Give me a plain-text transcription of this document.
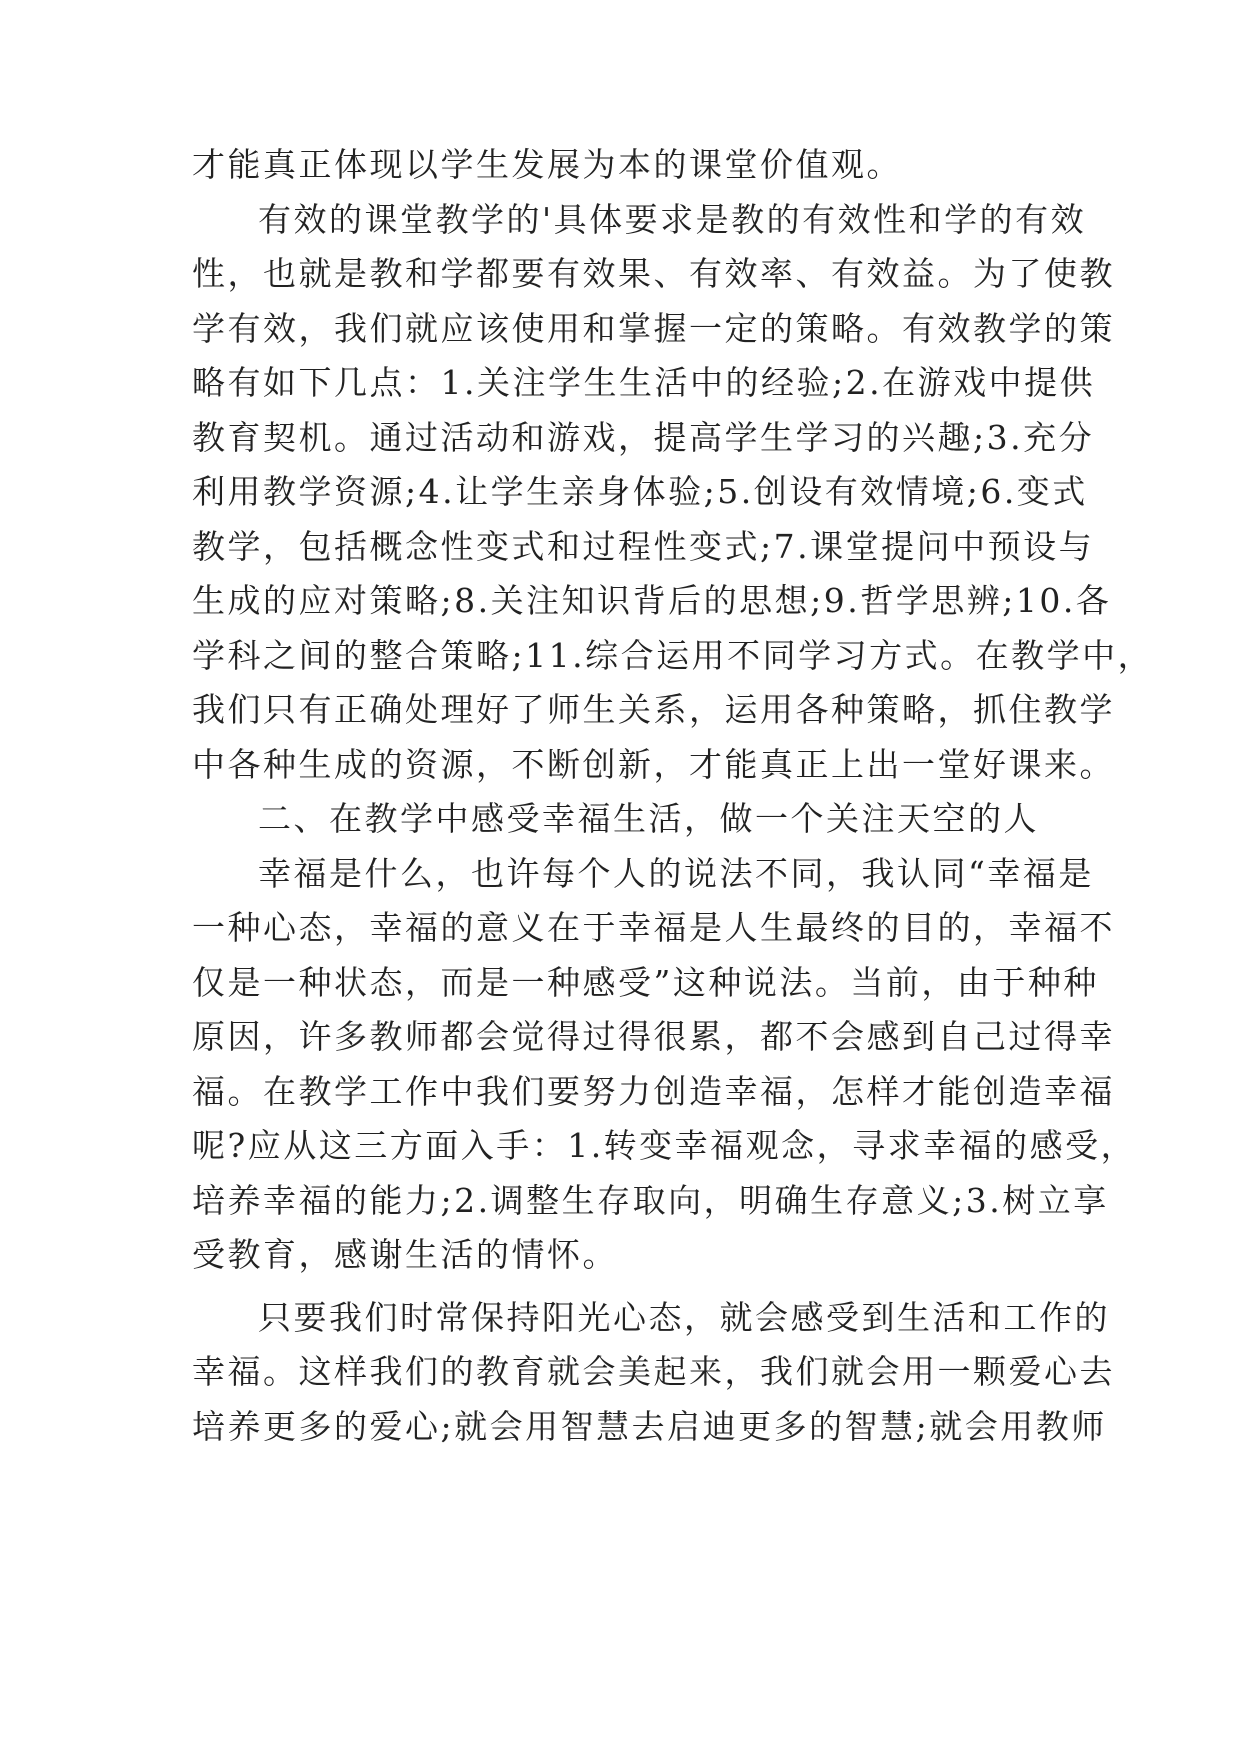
才能真正体现以学生发展为本的课堂价值观。

有效的课堂教学的'具体要求是教的有效性和学的有效

性，也就是教和学都要有效果、有效率、有效益。为了使教

学有效，我们就应该使用和掌握一定的策略。有效教学的策

略有如下几点：1.关注学生生活中的经验;2.在游戏中提供

教育契机。通过活动和游戏，提高学生学习的兴趣;3.充分

利用教学资源;4.让学生亲身体验;5.创设有效情境;6.变式

教学，包括概念性变式和过程性变式;7.课堂提问中预设与

生成的应对策略;8.关注知识背后的思想;9.哲学思辨;10.各

学科之间的整合策略;11.综合运用不同学习方式。在教学中，

我们只有正确处理好了师生关系，运用各种策略，抓住教学

中各种生成的资源，不断创新，才能真正上出一堂好课来。

二、在教学中感受幸福生活，做一个关注天空的人

幸福是什么，也许每个人的说法不同，我认同“幸福是

一种心态，幸福的意义在于幸福是人生最终的目的，幸福不

仅是一种状态，而是一种感受”这种说法。当前，由于种种

原因，许多教师都会觉得过得很累，都不会感到自己过得幸

福。在教学工作中我们要努力创造幸福，怎样才能创造幸福

呢?应从这三方面入手：1.转变幸福观念，寻求幸福的感受，

培养幸福的能力;2.调整生存取向，明确生存意义;3.树立享

受教育，感谢生活的情怀。

只要我们时常保持阳光心态，就会感受到生活和工作的

幸福。这样我们的教育就会美起来，我们就会用一颗爱心去

培养更多的爱心;就会用智慧去启迪更多的智慧;就会用教师
